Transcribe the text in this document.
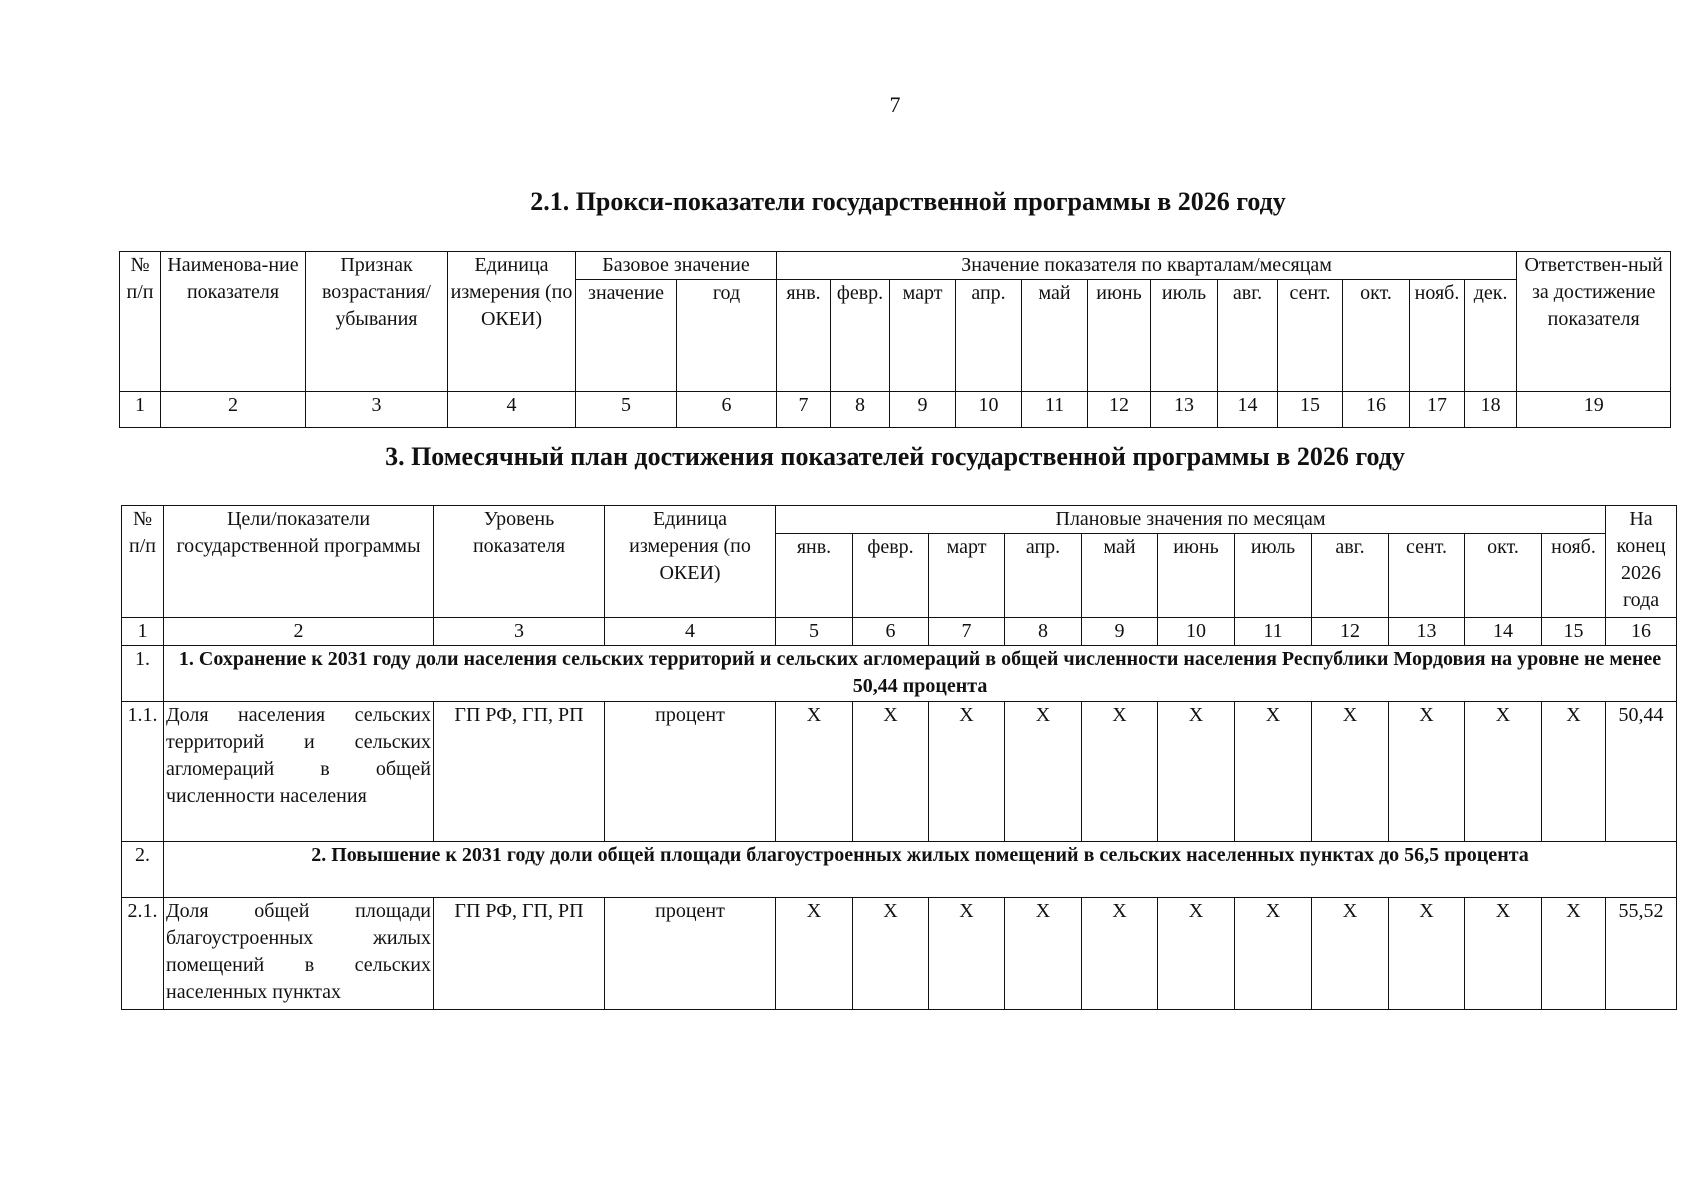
7
2.1. Прокси-показатели государственной программы в 2026 году
№ п/п	Наименова-ние показателя	Признак возрастания/ убывания	Единица измерения (по ОКЕИ)	Базовое значение		Значение показателя по кварталам/месяцам												Ответствен-ный за достижение показателя
				значение	год	янв.	февр.	март	апр.	май	июнь	июль	авг.	сент.	окт.	нояб.	дек.	
1	2	3	4	5	6	7	8	9	10	11	12	13	14	15	16	17	18	19
3. Помесячный план достижения показателей государственной программы в 2026 году
№ п/п	Цели/показатели государственной программы	Уровень показателя	Единица измерения (по ОКЕИ)	Плановые значения по месяцам											На конец 2026 года
				янв.	февр.	март	апр.	май	июнь	июль	авг.	сент.	окт.	нояб.	
1	2	3	4	5	6	7	8	9	10	11	12	13	14	15	16
1.	1. Сохранение к 2031 году доли населения сельских территорий и сельских агломераций в общей численности населения Республики Мордовия на уровне не менее 50,44 процента														
1.1.	Доля населения сельских территорий и сельских агломераций в общей численности населения	ГП РФ, ГП, РП	процент	Х	Х	Х	Х	Х	Х	Х	Х	Х	Х	Х	50,44
2.	2. Повышение к 2031 году доли общей площади благоустроенных жилых помещений в сельских населенных пунктах до 56,5 процента														
2.1.	Доля общей площади благоустроенных жилых помещений в сельских населенных пунктах	ГП РФ, ГП, РП	процент	Х	Х	Х	Х	Х	Х	Х	Х	Х	Х	Х	55,52
